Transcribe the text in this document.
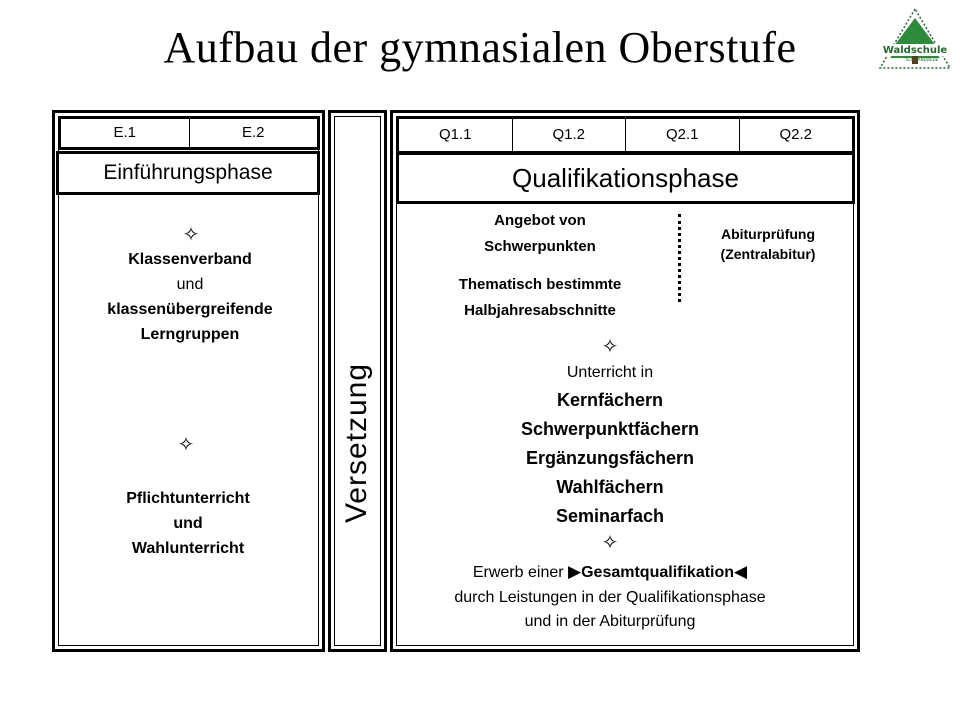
Aufbau der gymnasialen Oberstufe	Waldschule
SCHWANEWEDE
E.1	E.2
Einführungsphase
✧
Klassenverband
und
klassenübergreifende
Lerngruppen
✧
Pflichtunterricht
und
Wahlunterricht
Versetzung
Q1.1	Q1.2	Q2.1	Q2.2
Qualifikationsphase
Angebot von
Schwerpunkten
Thematisch bestimmte
Halbjahresabschnitte
Abiturprüfung
(Zentralabitur)
✧
Unterricht in
Kernfächern
Schwerpunktfächern
Ergänzungsfächern
Wahlfächern
Seminarfach
✧
Erwerb einer ▶Gesamtqualifikation◀
durch Leistungen in der Qualifikationsphase
und in der Abiturprüfung
